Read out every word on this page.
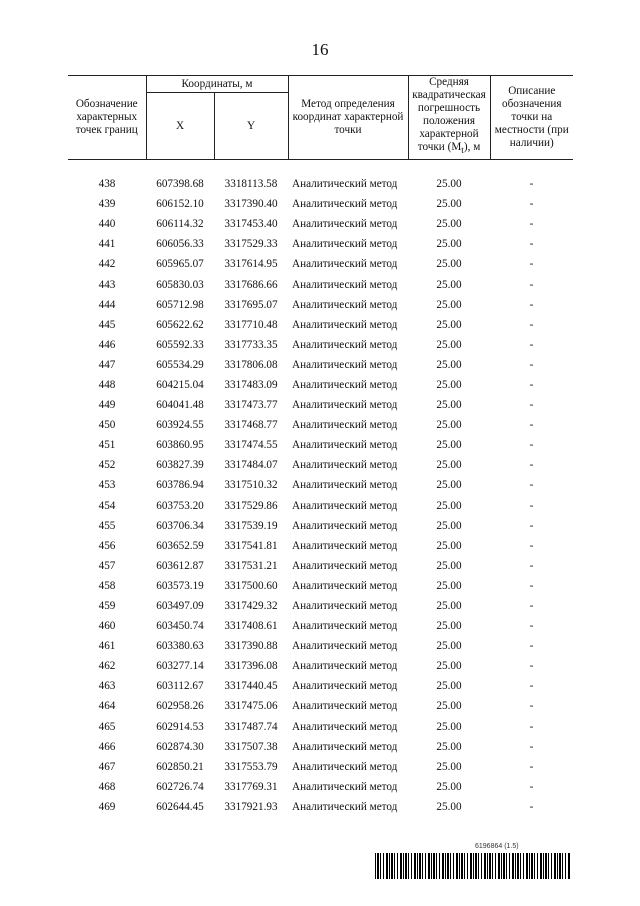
16
Обозначение характерных точек границ	Координаты, м		Метод определения координат характерной точки	Средняя квадратическая погрешность положения характерной точки $(M_t)$, м	Описание обозначения точки на местности (при наличии)
	X	Y			

438	607398.68	3318113.58	Аналитический метод	25.00	-
439	606152.10	3317390.40	Аналитический метод	25.00	-
440	606114.32	3317453.40	Аналитический метод	25.00	-
441	606056.33	3317529.33	Аналитический метод	25.00	-
442	605965.07	3317614.95	Аналитический метод	25.00	-
443	605830.03	3317686.66	Аналитический метод	25.00	-
444	605712.98	3317695.07	Аналитический метод	25.00	-
445	605622.62	3317710.48	Аналитический метод	25.00	-
446	605592.33	3317733.35	Аналитический метод	25.00	-
447	605534.29	3317806.08	Аналитический метод	25.00	-
448	604215.04	3317483.09	Аналитический метод	25.00	-
449	604041.48	3317473.77	Аналитический метод	25.00	-
450	603924.55	3317468.77	Аналитический метод	25.00	-
451	603860.95	3317474.55	Аналитический метод	25.00	-
452	603827.39	3317484.07	Аналитический метод	25.00	-
453	603786.94	3317510.32	Аналитический метод	25.00	-
454	603753.20	3317529.86	Аналитический метод	25.00	-
455	603706.34	3317539.19	Аналитический метод	25.00	-
456	603652.59	3317541.81	Аналитический метод	25.00	-
457	603612.87	3317531.21	Аналитический метод	25.00	-
458	603573.19	3317500.60	Аналитический метод	25.00	-
459	603497.09	3317429.32	Аналитический метод	25.00	-
460	603450.74	3317408.61	Аналитический метод	25.00	-
461	603380.63	3317390.88	Аналитический метод	25.00	-
462	603277.14	3317396.08	Аналитический метод	25.00	-
463	603112.67	3317440.45	Аналитический метод	25.00	-
464	602958.26	3317475.06	Аналитический метод	25.00	-
465	602914.53	3317487.74	Аналитический метод	25.00	-
466	602874.30	3317507.38	Аналитический метод	25.00	-
467	602850.21	3317553.79	Аналитический метод	25.00	-
468	602726.74	3317769.31	Аналитический метод	25.00	-
469	602644.45	3317921.93	Аналитический метод	25.00	-
6196864 (1.5)
